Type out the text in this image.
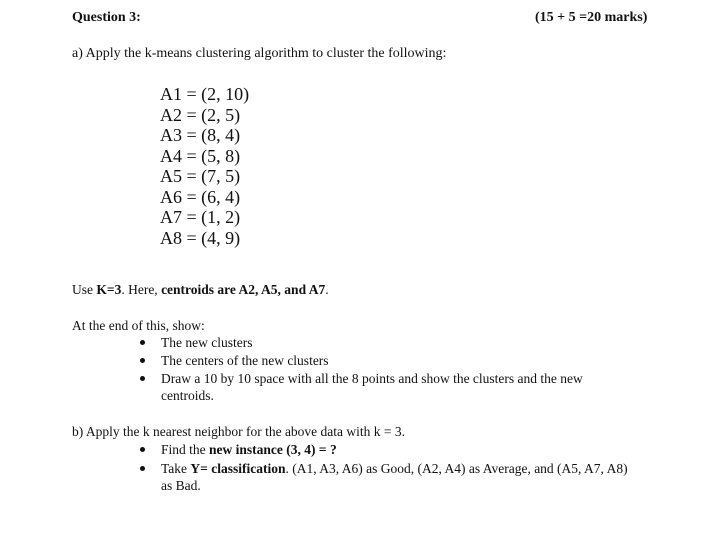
Question 3:	(15 + 5 =20 marks)
a) Apply the k-means clustering algorithm to cluster the following:
A1 = (2, 10)
A2 = (2, 5)
A3 = (8, 4)
A4 = (5, 8)
A5 = (7, 5)
A6 = (6, 4)
A7 = (1, 2)
A8 = (4, 9)
Use K=3. Here, centroids are A2, A5, and A7.
At the end of this, show:
The new clusters
The centers of the new clusters
Draw a 10 by 10 space with all the 8 points and show the clusters and the new centroids.
b) Apply the k nearest neighbor for the above data with k = 3.
Find the new instance (3, 4) = ?
Take Y= classification. (A1, A3, A6) as Good, (A2, A4) as Average, and (A5, A7, A8) as Bad.
